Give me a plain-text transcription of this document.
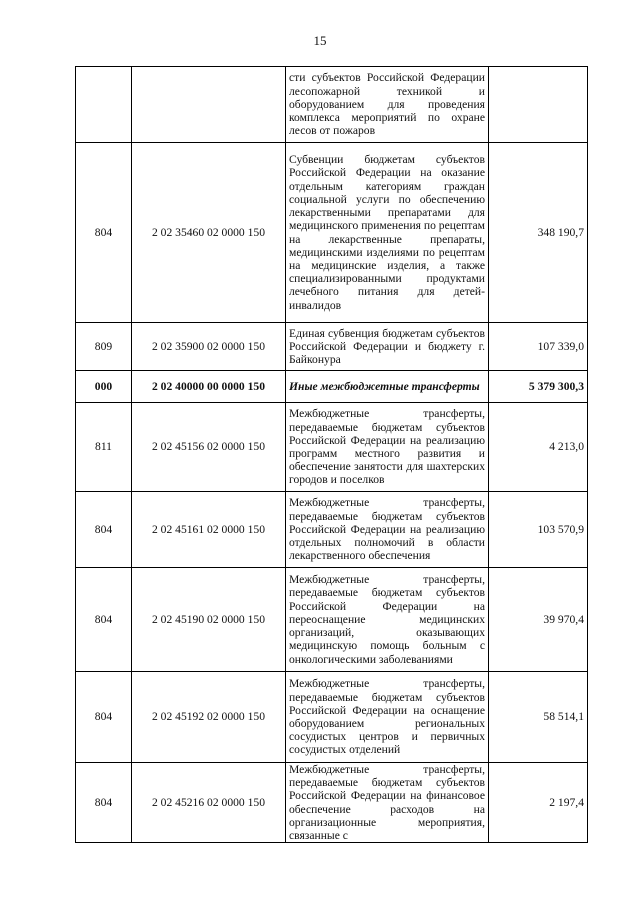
15
		сти субъектов Российской Федерации лесопожарной техникой и оборудованием для проведения комплекса мероприятий по охране лесов от пожаров	
804	2 02 35460 02 0000 150	Субвенции бюджетам субъектов Российской Федерации на оказание отдельным категориям граждан социальной услуги по обеспечению лекарственными препаратами для медицинского применения по рецептам на лекарственные препараты, медицинскими изделиями по рецептам на медицинские изделия, а также специализированными продуктами лечебного питания для детей-инвалидов	348 190,7
809	2 02 35900 02 0000 150	Единая субвенция бюджетам субъектов Российской Федерации и бюджету г. Байконура	107 339,0
000	2 02 40000 00 0000 150	Иные межбюджетные трансферты	5 379 300,3
811	2 02 45156 02 0000 150	Межбюджетные трансферты, передаваемые бюджетам субъектов Российской Федерации на реализацию программ местного развития и обеспечение занятости для шахтерских городов и поселков	4 213,0
804	2 02 45161 02 0000 150	Межбюджетные трансферты, передаваемые бюджетам субъектов Российской Федерации на реализацию отдельных полномочий в области лекарственного обеспечения	103 570,9
804	2 02 45190 02 0000 150	Межбюджетные трансферты, передаваемые бюджетам субъектов Российской Федерации на переоснащение медицинских организаций, оказывающих медицинскую помощь больным с онкологическими заболеваниями	39 970,4
804	2 02 45192 02 0000 150	Межбюджетные трансферты, передаваемые бюджетам субъектов Российской Федерации на оснащение оборудованием региональных сосудистых центров и первичных сосудистых отделений	58 514,1
804	2 02 45216 02 0000 150	Межбюджетные трансферты, передаваемые бюджетам субъектов Российской Федерации на финансовое обеспечение расходов на организационные мероприятия, связанные с	2 197,4
